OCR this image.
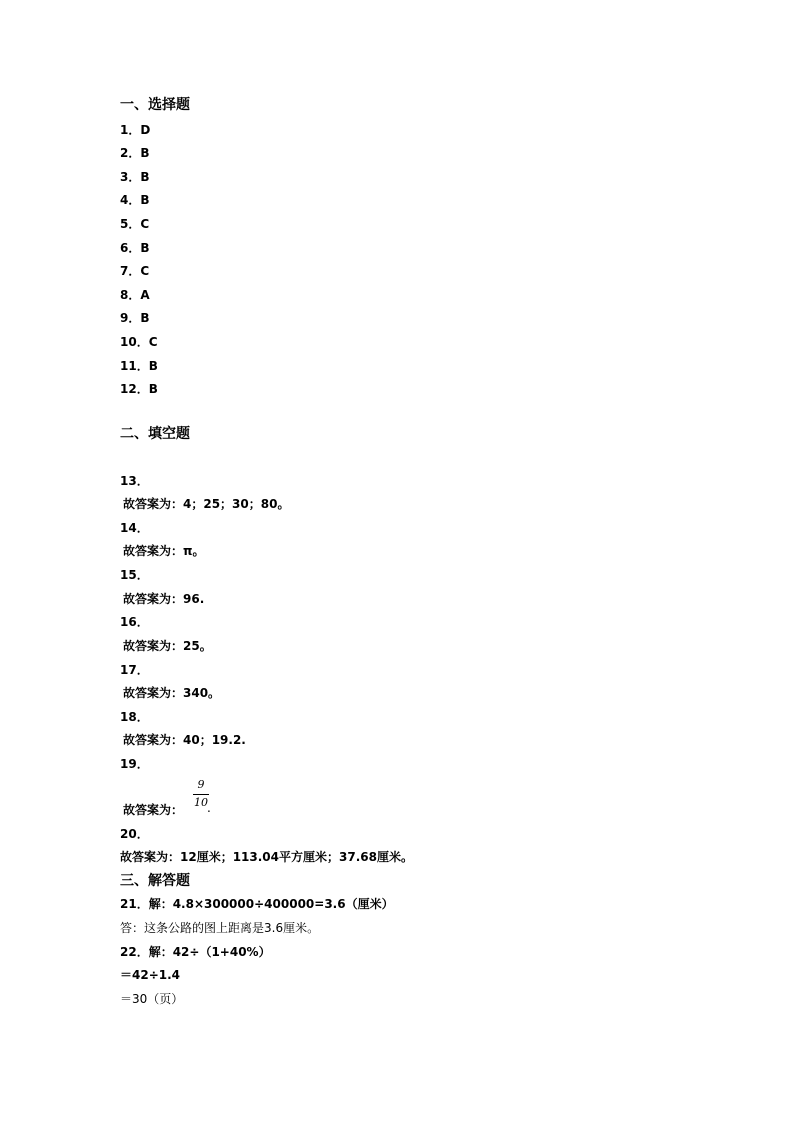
一、选择题
1．D
2．B
3．B
4．B
5．C
6．B
7．C
8．A
9．B
10．C
11．B
12．B
二、填空题
13．
故答案为：4；25；30；80。
14．
故答案为：π。
15．
故答案为：96.
16．
故答案为：25。
17．
故答案为：340。
18．
故答案为：40；19.2.
19．
故答案为：
9
10 .
20．
故答案为：12厘米；113.04平方厘米；37.68厘米。
三、解答题
21．解：4.8×300000÷400000=3.6（厘米）
答：这条公路的图上距离是3.6厘米。
22．解：42÷（1+40%）
＝42÷1.4
＝30（页）
